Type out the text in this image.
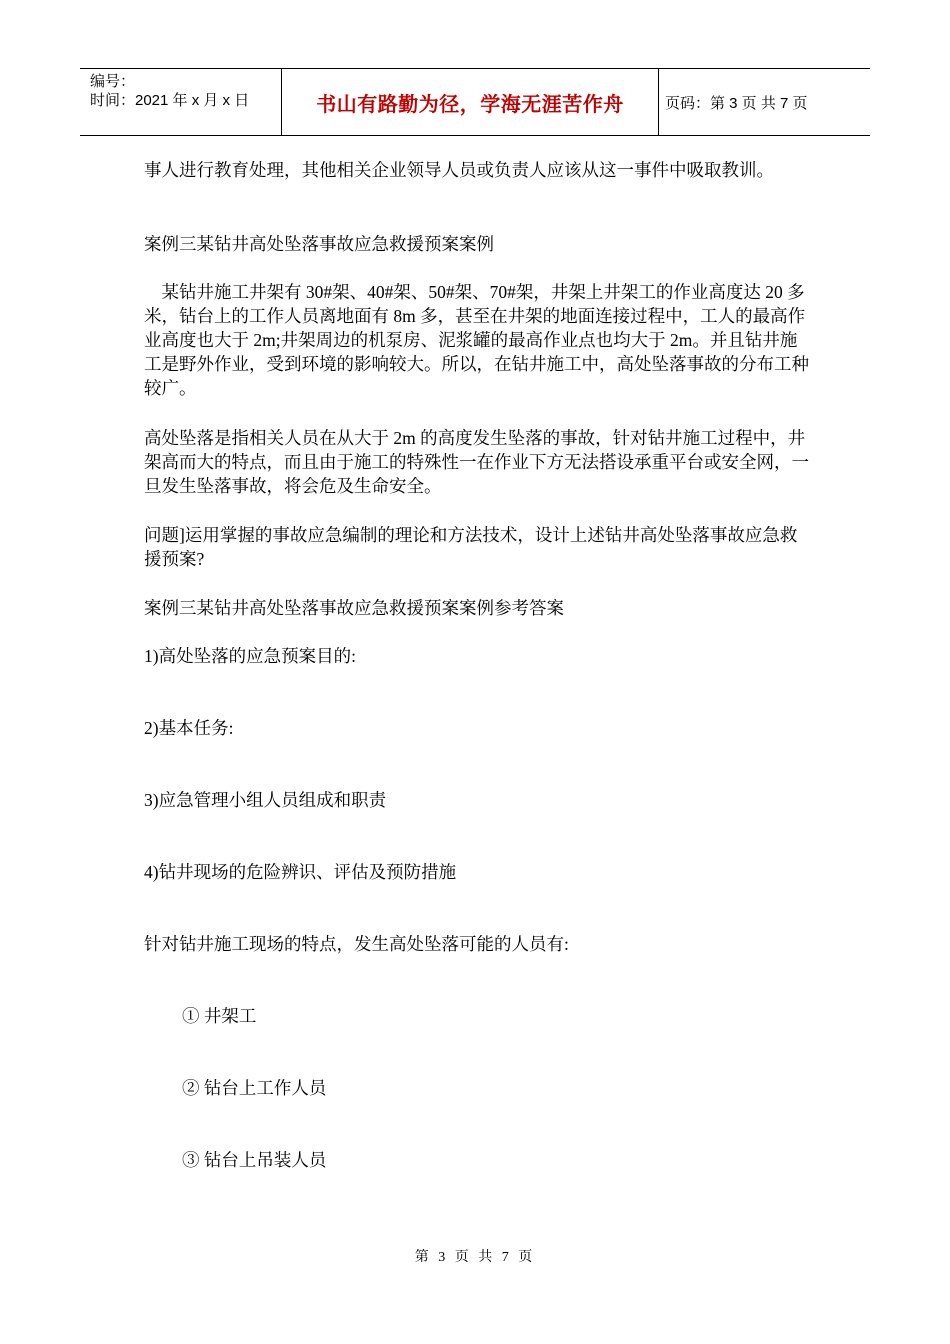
编号：
时间：2021 年 x 月 x 日	书山有路勤为径，学海无涯苦作舟	页码：第 3 页 共 7 页

事人进行教育处理，其他相关企业领导人员或负责人应该从这一事件中吸取教训。

案例三某钻井高处坠落事故应急救援预案案例

　某钻井施工井架有 30#架、40#架、50#架、70#架，井架上井架工的作业高度达 20 多米，钻台上的工作人员离地面有 8m 多，甚至在井架的地面连接过程中，工人的最高作业高度也大于 2m;井架周边的机泵房、泥浆罐的最高作业点也均大于 2m。并且钻井施工是野外作业，受到环境的影响较大。所以，在钻井施工中，高处坠落事故的分布工种较广。

高处坠落是指相关人员在从大于 2m 的高度发生坠落的事故，针对钻井施工过程中，井架高而大的特点，而且由于施工的特殊性一在作业下方无法搭设承重平台或安全网，一旦发生坠落事故，将会危及生命安全。

问题]运用掌握的事故应急编制的理论和方法技术，设计上述钻井高处坠落事故应急救援预案?

案例三某钻井高处坠落事故应急救援预案案例参考答案

1)高处坠落的应急预案目的:

2)基本任务:

3)应急管理小组人员组成和职责

4)钻井现场的危险辨识、评估及预防措施

针对钻井施工现场的特点，发生高处坠落可能的人员有:

① 井架工

② 钻台上工作人员

③ 钻台上吊装人员

第 3 页 共 7 页
